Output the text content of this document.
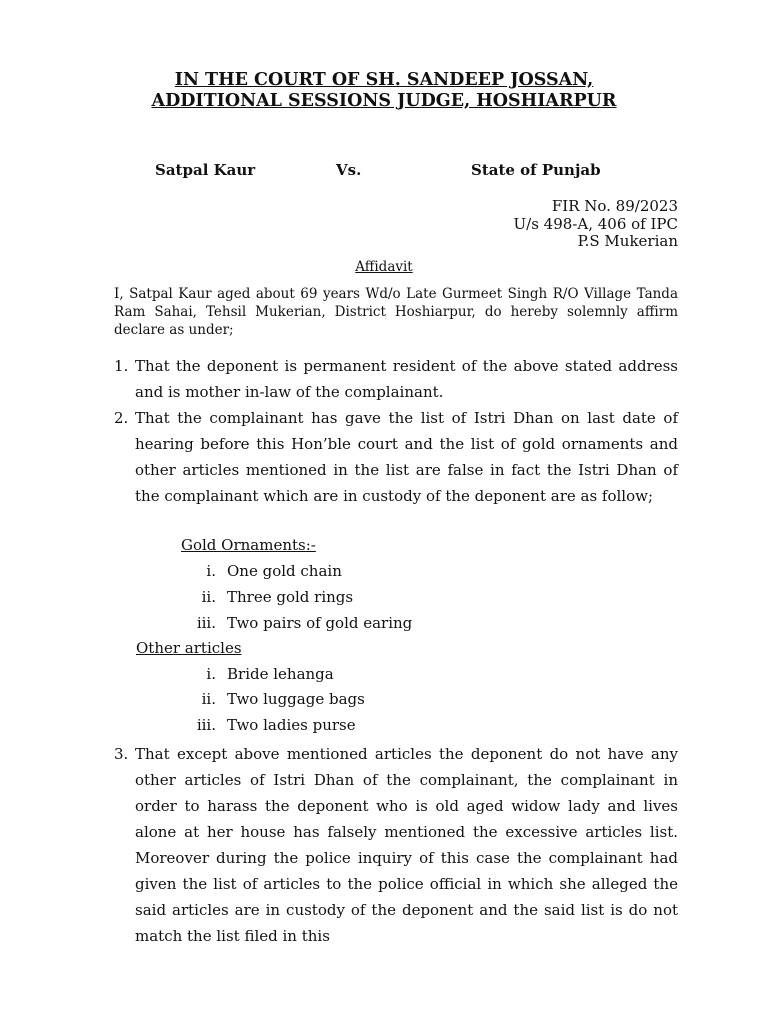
IN THE COURT OF SH. SANDEEP JOSSAN,
ADDITIONAL SESSIONS JUDGE, HOSHIARPUR
Satpal Kaur	Vs.	State of Punjab
FIR No. 89/2023
U/s 498-A, 406 of IPC
P.S Mukerian
Affidavit
I, Satpal Kaur aged about 69 years Wd/o Late Gurmeet Singh R/O Village Tanda Ram Sahai, Tehsil Mukerian, District Hoshiarpur, do hereby solemnly affirm declare as under;
1. That the deponent is permanent resident of the above stated address and is mother in-law of the complainant.
2. That the complainant has gave the list of Istri Dhan on last date of hearing before this Hon’ble court and the list of gold ornaments and other articles mentioned in the list are false in fact the Istri Dhan of the complainant which are in custody of the deponent are as follow;
Gold Ornaments:-
i. One gold chain
ii. Three gold rings
iii. Two pairs of gold earing
Other articles
i. Bride lehanga
ii. Two luggage bags
iii. Two ladies purse
3. That except above mentioned articles the deponent do not have any other articles of Istri Dhan of the complainant, the complainant in order to harass the deponent who is old aged widow lady and lives alone at her house has falsely mentioned the excessive articles list. Moreover during the police inquiry of this case the complainant had given the list of articles to the police official in which she alleged the said articles are in custody of the deponent and the said list is do not match the list filed in this
